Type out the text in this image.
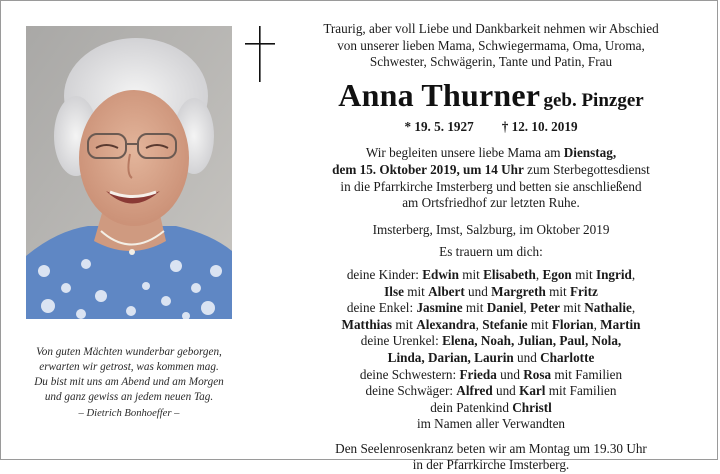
Von guten Mächten wunderbar geborgen,
erwarten wir getrost, was kommen mag.
Du bist mit uns am Abend und am Morgen
und ganz gewiss an jedem neuen Tag.
– Dietrich Bonhoeffer –
Traurig, aber voll Liebe und Dankbarkeit nehmen wir Abschied
von unserer lieben Mama, Schwiegermama, Oma, Uroma,
Schwester, Schwägerin, Tante und Patin, Frau
Anna Thurner geb. Pinzger
* 19. 5. 1927 † 12. 10. 2019
Wir begleiten unsere liebe Mama am Dienstag,
dem 15. Oktober 2019, um 14 Uhr zum Sterbegottesdienst
in die Pfarrkirche Imsterberg und betten sie anschließend
am Ortsfriedhof zur letzten Ruhe.
Imsterberg, Imst, Salzburg, im Oktober 2019
Es trauern um dich:
deine Kinder: Edwin mit Elisabeth, Egon mit Ingrid,
Ilse mit Albert und Margreth mit Fritz
deine Enkel: Jasmine mit Daniel, Peter mit Nathalie,
Matthias mit Alexandra, Stefanie mit Florian, Martin
deine Urenkel: Elena, Noah, Julian, Paul, Nola,
Linda, Darian, Laurin und Charlotte
deine Schwestern: Frieda und Rosa mit Familien
deine Schwäger: Alfred und Karl mit Familien
dein Patenkind Christl
im Namen aller Verwandten
Den Seelenrosenkranz beten wir am Montag um 19.30 Uhr
in der Pfarrkirche Imsterberg.
